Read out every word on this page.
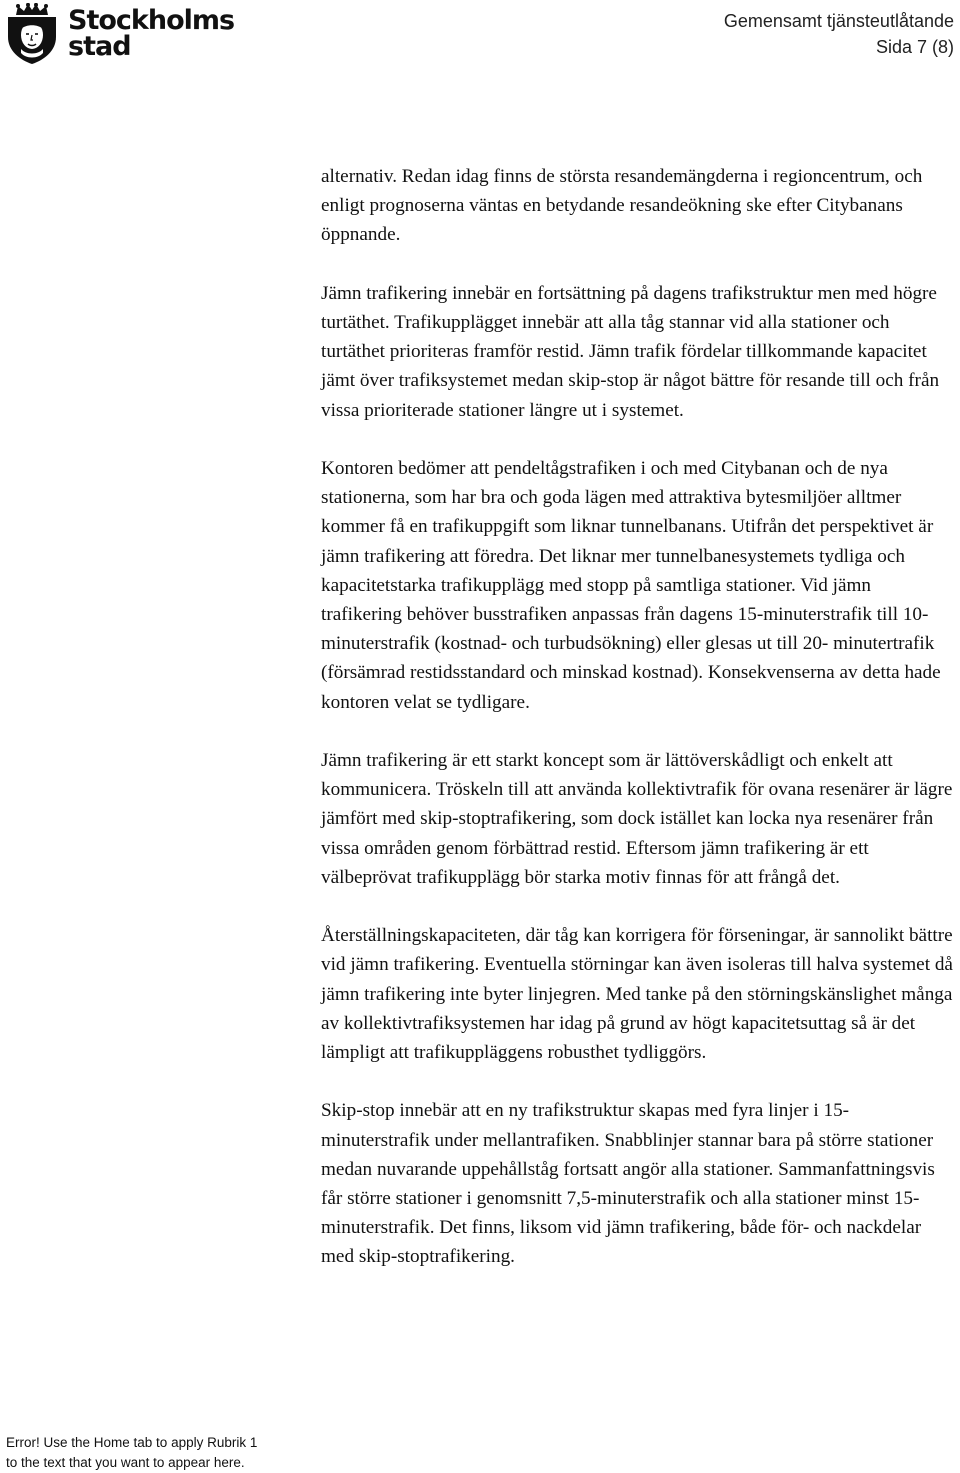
Stockholms
stad
Gemensamt tjänsteutlåtande
Sida 7 (8)

alternativ. Redan idag finns de största resandemängderna i regioncentrum, och enligt prognoserna väntas en betydande resandeökning ske efter Citybanans öppnande.

Jämn trafikering innebär en fortsättning på dagens trafikstruktur men med högre turtäthet. Trafikupplägget innebär att alla tåg stannar vid alla stationer och turtäthet prioriteras framför restid. Jämn trafik fördelar tillkommande kapacitet jämt över trafiksystemet medan skip-stop är något bättre för resande till och från vissa prioriterade stationer längre ut i systemet.

Kontoren bedömer att pendeltågstrafiken i och med Citybanan och de nya stationerna, som har bra och goda lägen med attraktiva bytesmiljöer alltmer kommer få en trafikuppgift som liknar tunnelbanans. Utifrån det perspektivet är jämn trafikering att föredra. Det liknar mer tunnelbanesystemets tydliga och kapacitetstarka trafikupplägg med stopp på samtliga stationer. Vid jämn trafikering behöver busstrafiken anpassas från dagens 15-minuterstrafik till 10- minuterstrafik (kostnad- och turbudsökning) eller glesas ut till 20- minutertrafik (försämrad restidsstandard och minskad kostnad). Konsekvenserna av detta hade kontoren velat se tydligare.

Jämn trafikering är ett starkt koncept som är lättöverskådligt och enkelt att kommunicera. Tröskeln till att använda kollektivtrafik för ovana resenärer är lägre jämfört med skip-stoptrafikering, som dock istället kan locka nya resenärer från vissa områden genom förbättrad restid. Eftersom jämn trafikering är ett välbeprövat trafikupplägg bör starka motiv finnas för att frångå det.

Återställningskapaciteten, där tåg kan korrigera för förseningar, är sannolikt bättre vid jämn trafikering. Eventuella störningar kan även isoleras till halva systemet då jämn trafikering inte byter linjegren. Med tanke på den störningskänslighet många av kollektivtrafiksystemen har idag på grund av högt kapacitetsuttag så är det lämpligt att trafikuppläggens robusthet tydliggörs.

Skip-stop innebär att en ny trafikstruktur skapas med fyra linjer i 15-minuterstrafik under mellantrafiken. Snabblinjer stannar bara på större stationer medan nuvarande uppehållståg fortsatt angör alla stationer. Sammanfattningsvis får större stationer i genomsnitt 7,5-minuterstrafik och alla stationer minst 15-minuterstrafik. Det finns, liksom vid jämn trafikering, både för- och nackdelar med skip-stoptrafikering.

Error! Use the Home tab to apply Rubrik 1
to the text that you want to appear here.
